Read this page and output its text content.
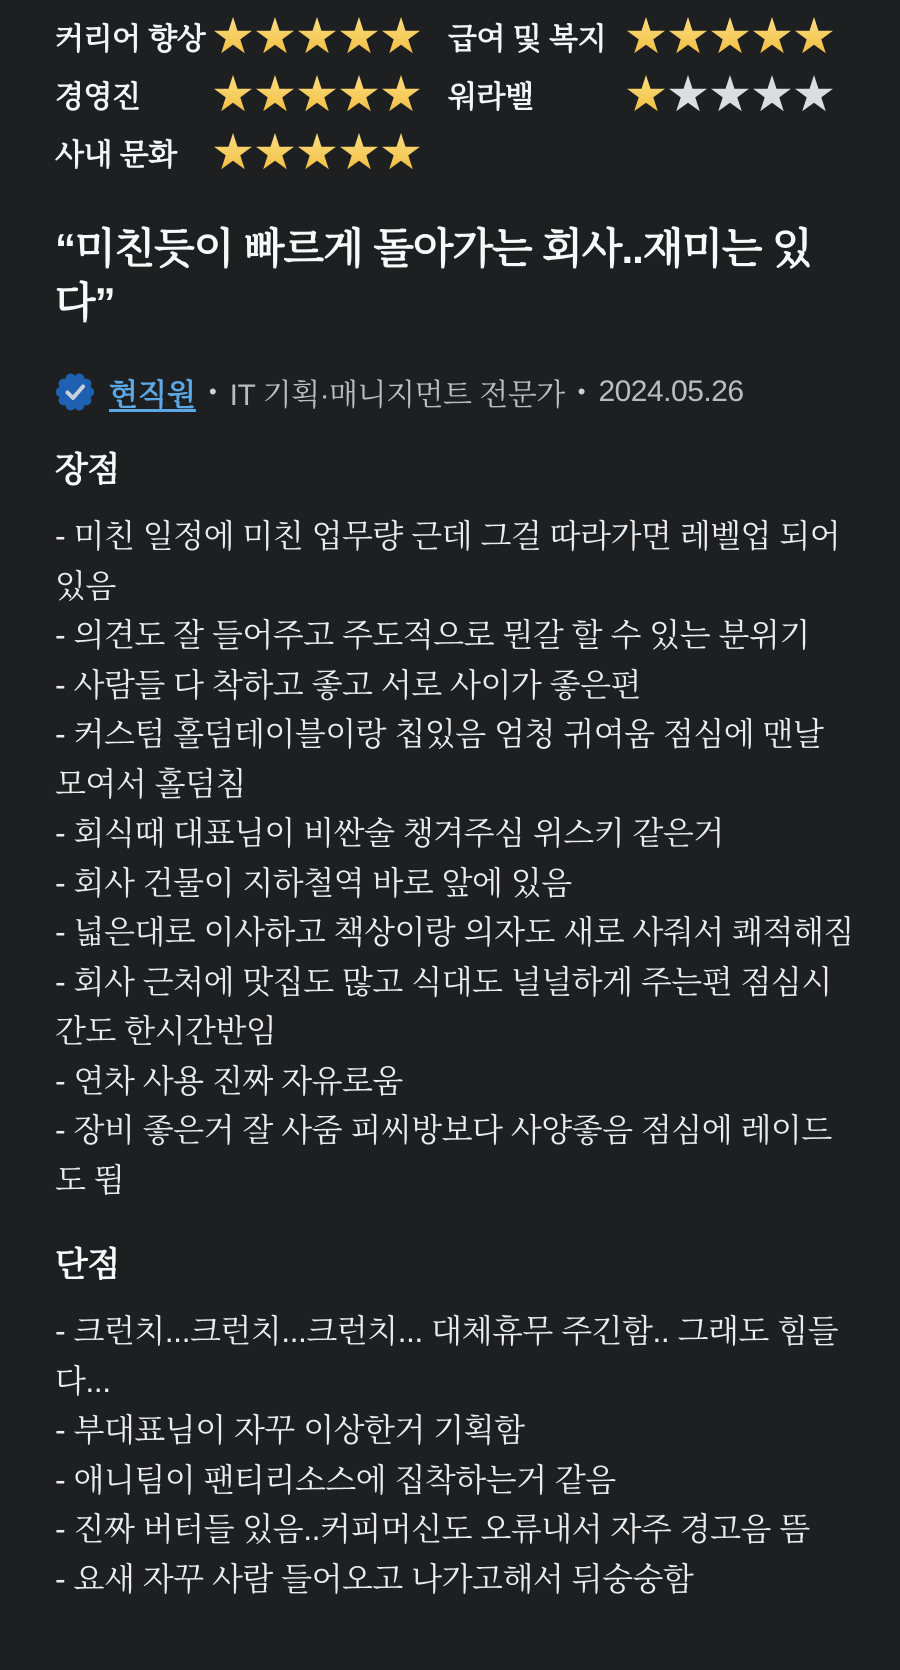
커리어 향상	급여 및 복지
경영진	워라밸
사내 문화
“미친듯이 빠르게 돌아가는 회사..재미는 있다”
현직원 • IT 기획·매니지먼트 전문가 • 2024.05.26
장점

- 미친 일정에 미친 업무량 근데 그걸 따라가면 레벨업 되어있음

- 의견도 잘 들어주고 주도적으로 뭔갈 할 수 있는 분위기

- 사람들 다 착하고 좋고 서로 사이가 좋은편

- 커스텀 홀덤테이블이랑 칩있음 엄청 귀여움 점심에 맨날 모여서 홀덤침

- 회식때 대표님이 비싼술 챙겨주심 위스키 같은거

- 회사 건물이 지하철역 바로 앞에 있음

- 넓은대로 이사하고 책상이랑 의자도 새로 사줘서 쾌적해짐

- 회사 근처에 맛집도 많고 식대도 널널하게 주는편 점심시간도 한시간반임

- 연차 사용 진짜 자유로움

- 장비 좋은거 잘 사줌 피씨방보다 사양좋음 점심에 레이드도 뜀

단점

- 크런치...크런치...크런치... 대체휴무 주긴함.. 그래도 힘들다...

- 부대표님이 자꾸 이상한거 기획함

- 애니팀이 팬티리소스에 집착하는거 같음

- 진짜 버터들 있음..커피머신도 오류내서 자주 경고음 뜸

- 요새 자꾸 사람 들어오고 나가고해서 뒤숭숭함
